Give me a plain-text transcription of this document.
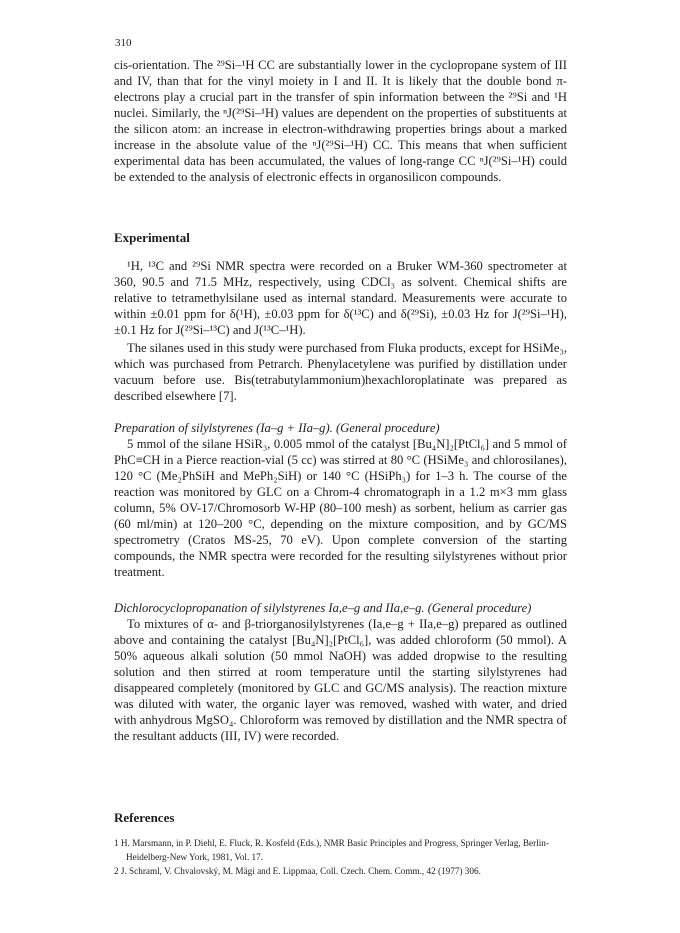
310

cis-orientation. The ²⁹Si–¹H CC are substantially lower in the cyclopropane system of III and IV, than that for the vinyl moiety in I and II. It is likely that the double bond π-electrons play a crucial part in the transfer of spin information between the ²⁹Si and ¹H nuclei. Similarly, the ⁿJ(²⁹Si–¹H) values are dependent on the properties of substituents at the silicon atom: an increase in electron-withdrawing properties brings about a marked increase in the absolute value of the ⁿJ(²⁹Si–¹H) CC. This means that when sufficient experimental data has been accumulated, the values of long-range CC ⁿJ(²⁹Si–¹H) could be extended to the analysis of electronic effects in organosilicon compounds.

Experimental

¹H, ¹³C and ²⁹Si NMR spectra were recorded on a Bruker WM-360 spectrometer at 360, 90.5 and 71.5 MHz, respectively, using CDCl₃ as solvent. Chemical shifts are relative to tetramethylsilane used as internal standard. Measurements were accurate to within ±0.01 ppm for δ(¹H), ±0.03 ppm for δ(¹³C) and δ(²⁹Si), ±0.03 Hz for J(²⁹Si–¹H), ±0.1 Hz for J(²⁹Si–¹³C) and J(¹³C–¹H).

The silanes used in this study were purchased from Fluka products, except for HSiMe₃, which was purchased from Petrarch. Phenylacetylene was purified by distillation under vacuum before use. Bis(tetrabutylammonium)hexachloroplatinate was prepared as described elsewhere [7].

Preparation of silylstyrenes (Ia–g + IIa–g). (General procedure)

5 mmol of the silane HSiR₃, 0.005 mmol of the catalyst [Bu₄N]₂[PtCl₆] and 5 mmol of PhC≡CH in a Pierce reaction-vial (5 cc) was stirred at 80 °C (HSiMe₃ and chlorosilanes), 120 °C (Me₂PhSiH and MePh₂SiH) or 140 °C (HSiPh₃) for 1–3 h. The course of the reaction was monitored by GLC on a Chrom-4 chromatograph in a 1.2 m×3 mm glass column, 5% OV-17/Chromosorb W-HP (80–100 mesh) as sorbent, helium as carrier gas (60 ml/min) at 120–200 °C, depending on the mixture composition, and by GC/MS spectrometry (Cratos MS-25, 70 eV). Upon complete conversion of the starting compounds, the NMR spectra were recorded for the resulting silylstyrenes without prior treatment.

Dichlorocyclopropanation of silylstyrenes Ia,e–g and IIa,e–g. (General procedure)

To mixtures of α- and β-triorganosilylstyrenes (Ia,e–g + IIa,e–g) prepared as outlined above and containing the catalyst [Bu₄N]₂[PtCl₆], was added chloroform (50 mmol). A 50% aqueous alkali solution (50 mmol NaOH) was added dropwise to the resulting solution and then stirred at room temperature until the starting silylstyrenes had disappeared completely (monitored by GLC and GC/MS analysis). The reaction mixture was diluted with water, the organic layer was removed, washed with water, and dried with anhydrous MgSO₄. Chloroform was removed by distillation and the NMR spectra of the resultant adducts (III, IV) were recorded.

References

1 H. Marsmann, in P. Diehl, E. Fluck, R. Kosfeld (Eds.), NMR Basic Principles and Progress, Springer Verlag, Berlin-Heidelberg-New York, 1981, Vol. 17.

2 J. Schraml, V. Chvalovský, M. Mägi and E. Lippmaa, Coll. Czech. Chem. Comm., 42 (1977) 306.
